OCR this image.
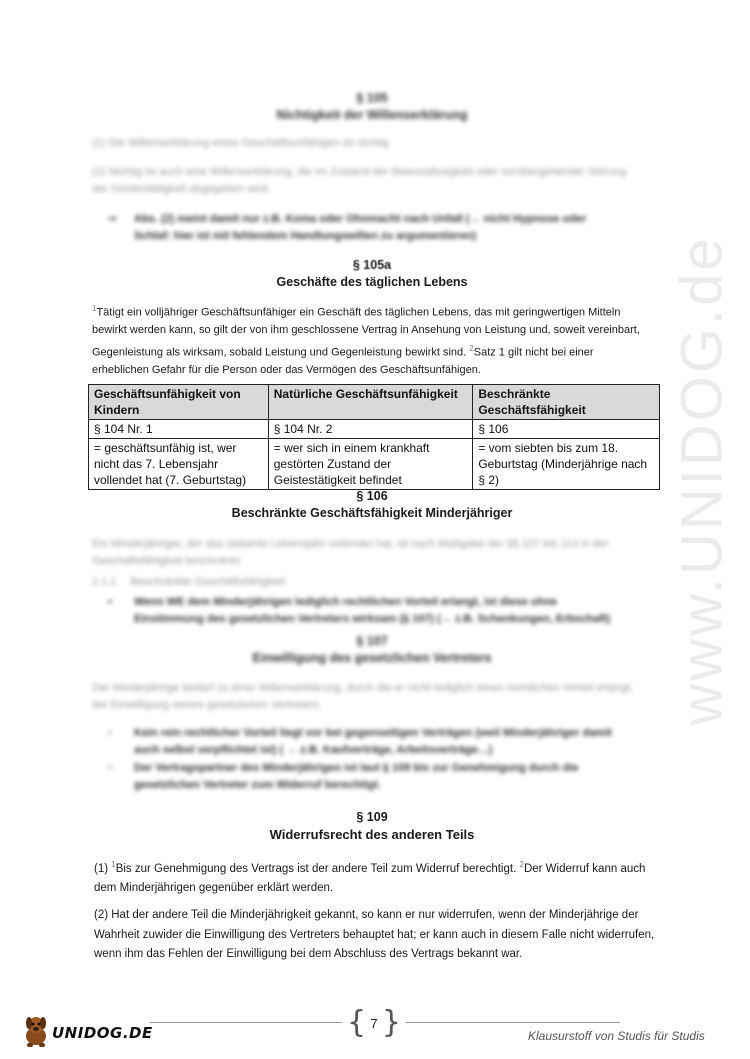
www.UNIDOG.de
§ 105
Nichtigkeit der Willenserklärung
(1) Die Willenserklärung eines Geschäftsunfähigen ist nichtig.
(2) Nichtig ist auch eine Willenserklärung, die im Zustand der Bewusstlosigkeit oder vorübergehender Störung
der Geistestätigkeit abgegeben wird.
⇨	Abs. (2) meint damit nur z.B. Koma oder Ohnmacht nach Unfall (→ nicht Hypnose oder
Schlaf: hier ist mit fehlendem Handlungswillen zu argumentieren)
§ 105a
Geschäfte des täglichen Lebens
$^1$Tätigt ein volljähriger Geschäftsunfähiger ein Geschäft des täglichen Lebens, das mit geringwertigen Mitteln
bewirkt werden kann, so gilt der von ihm geschlossene Vertrag in Ansehung von Leistung und, soweit vereinbart,
Gegenleistung als wirksam, sobald Leistung und Gegenleistung bewirkt sind. $^2$Satz 1 gilt nicht bei einer
erheblichen Gefahr für die Person oder das Vermögen des Geschäftsunfähigen.
Geschäftsunfähigkeit von Kindern	Natürliche Geschäftsunfähigkeit	Beschränkte Geschäftsfähigkeit
§ 104 Nr. 1	§ 104 Nr. 2	§ 106
= geschäftsunfähig ist, wer nicht das 7. Lebensjahr vollendet hat (7. Geburtstag)	= wer sich in einem krankhaft gestörten Zustand der Geistestätigkeit befindet	= vom siebten bis zum 18. Geburtstag (Minderjährige nach § 2)
§ 106
Beschränkte Geschäftsfähigkeit Minderjähriger
Ein Minderjähriger, der das siebente Lebensjahr vollendet hat, ist nach Maßgabe der §§ 107 bis 113 in der
Geschäftsfähigkeit beschränkt.
2.1.1 Beschränkte Geschäftsfähigkeit
▪	Wenn WE dem Minderjährigen lediglich rechtlichen Vorteil erlangt, ist diese ohne
Einstimmung des gesetzlichen Vertreters wirksam (§ 107) (→ z.B. Schenkungen, Erbschaft)
§ 107
Einwilligung des gesetzlichen Vertreters
Der Minderjährige bedarf zu einer Willenserklärung, durch die er nicht lediglich einen rechtlichen Vorteil erlangt,
der Einwilligung seines gesetzlichen Vertreters.
▫	Kein rein rechtlicher Vorteil liegt vor bei gegenseitigen Verträgen (weil Minderjähriger damit
auch selbst verpflichtet ist) ( → z.B. Kaufverträge, Arbeitsverträge…)
▫	Der Vertragspartner des Minderjährigen ist laut § 109 bis zur Genehmigung durch die
gesetzlichen Vertreter zum Widerruf berechtigt.
§ 109
Widerrufsrecht des anderen Teils
(1) $^1$Bis zur Genehmigung des Vertrags ist der andere Teil zum Widerruf berechtigt. $^2$Der Widerruf kann auch
dem Minderjährigen gegenüber erklärt werden.
(2) Hat der andere Teil die Minderjährigkeit gekannt, so kann er nur widerrufen, wenn der Minderjährige der
Wahrheit zuwider die Einwilligung des Vertreters behauptet hat; er kann auch in diesem Falle nicht widerrufen,
wenn ihm das Fehlen der Einwilligung bei dem Abschluss des Vertrags bekannt war.
UNIDOG.DE	{ 7 }	Klausurstoff von Studis für Studis
